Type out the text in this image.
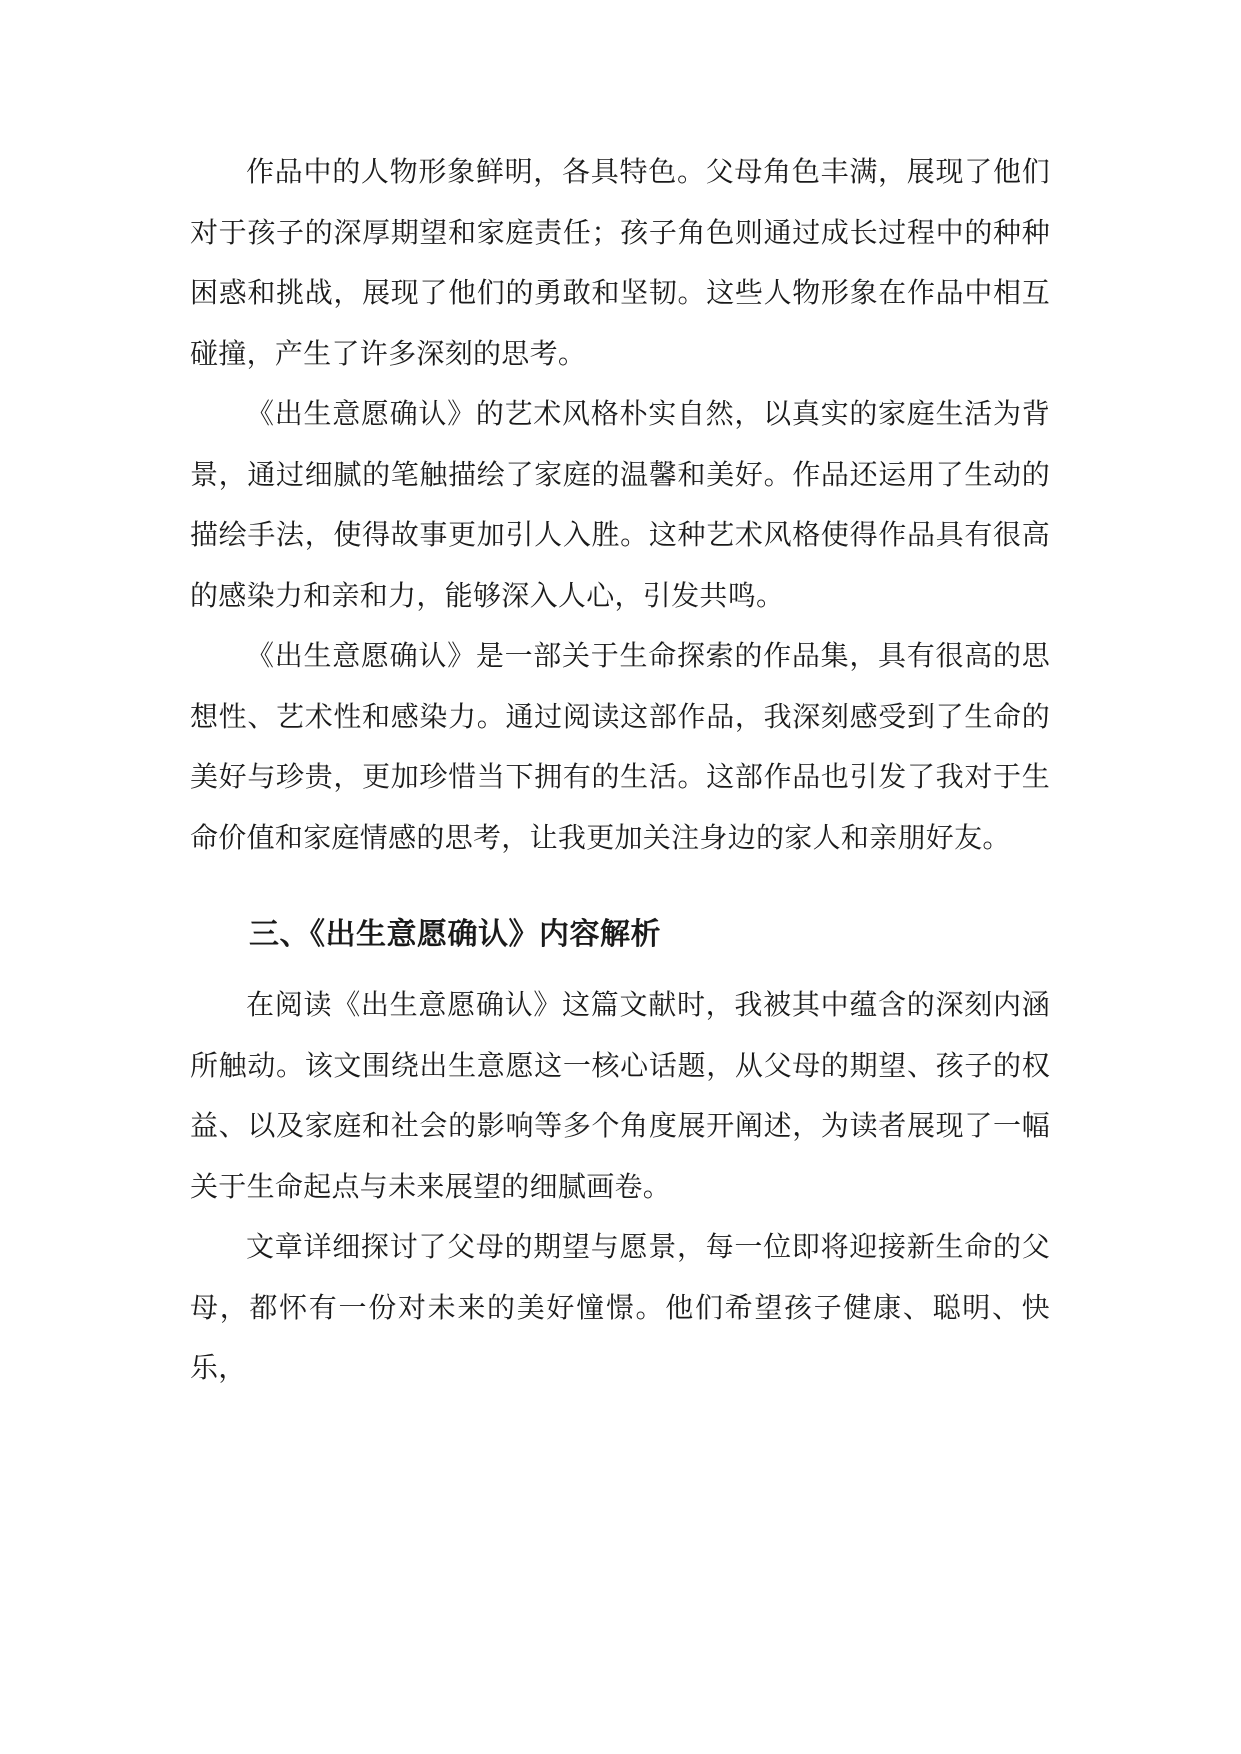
作品中的人物形象鲜明，各具特色。父母角色丰满，展现了他们对于孩子的深厚期望和家庭责任；孩子角色则通过成长过程中的种种困惑和挑战，展现了他们的勇敢和坚韧。这些人物形象在作品中相互碰撞，产生了许多深刻的思考。

《出生意愿确认》的艺术风格朴实自然，以真实的家庭生活为背景，通过细腻的笔触描绘了家庭的温馨和美好。作品还运用了生动的描绘手法，使得故事更加引人入胜。这种艺术风格使得作品具有很高的感染力和亲和力，能够深入人心，引发共鸣。

《出生意愿确认》是一部关于生命探索的作品集，具有很高的思想性、艺术性和感染力。通过阅读这部作品，我深刻感受到了生命的美好与珍贵，更加珍惜当下拥有的生活。这部作品也引发了我对于生命价值和家庭情感的思考，让我更加关注身边的家人和亲朋好友。

三、《出生意愿确认》内容解析

在阅读《出生意愿确认》这篇文献时，我被其中蕴含的深刻内涵所触动。该文围绕出生意愿这一核心话题，从父母的期望、孩子的权益、以及家庭和社会的影响等多个角度展开阐述，为读者展现了一幅关于生命起点与未来展望的细腻画卷。

文章详细探讨了父母的期望与愿景，每一位即将迎接新生命的父母，都怀有一份对未来的美好憧憬。他们希望孩子健康、聪明、快乐，
